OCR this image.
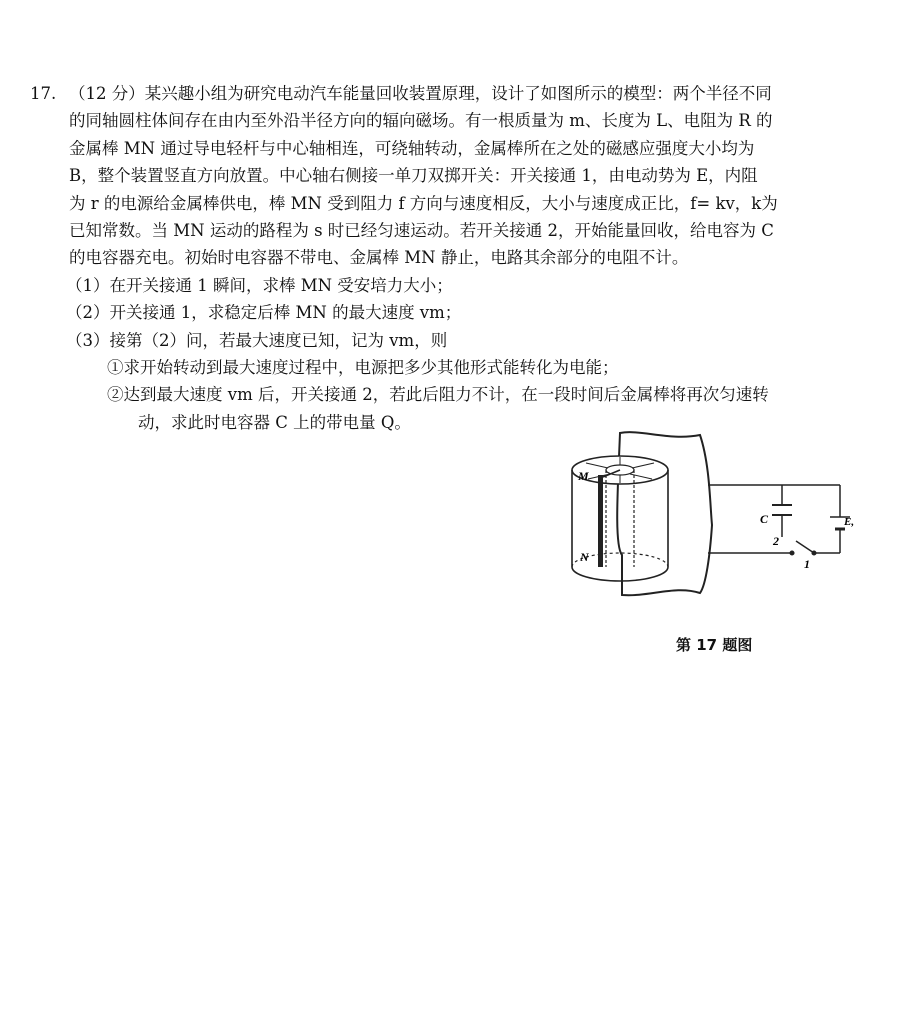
17. （12 分）某兴趣小组为研究电动汽车能量回收装置原理，设计了如图所示的模型：两个半径不同
的同轴圆柱体间存在由内至外沿半径方向的辐向磁场。有一根质量为 m、长度为 L、电阻为 R 的
金属棒 MN 通过导电轻杆与中心轴相连，可绕轴转动，金属棒所在之处的磁感应强度大小均为
B，整个装置竖直方向放置。中心轴右侧接一单刀双掷开关：开关接通 1，由电动势为 E，内阻
为 r 的电源给金属棒供电，棒 MN 受到阻力 f 方向与速度相反，大小与速度成正比，f= kv，k为
已知常数。当 MN 运动的路程为 s 时已经匀速运动。若开关接通 2，开始能量回收，给电容为 C
的电容器充电。初始时电容器不带电、金属棒 MN 静止，电路其余部分的电阻不计。
（1）在开关接通 1 瞬间，求棒 MN 受安培力大小；
（2）开关接通 1，求稳定后棒 MN 的最大速度 vm；
（3）接第（2）问，若最大速度已知，记为 vm，则
①求开始转动到最大速度过程中，电源把多少其他形式能转化为电能；
②达到最大速度 vm 后，开关接通 2，若此后阻力不计，在一段时间后金属棒将再次匀速转
动，求此时电容器 C 上的带电量 Q。
M
N
C	E,
2
1
第 17 题图
